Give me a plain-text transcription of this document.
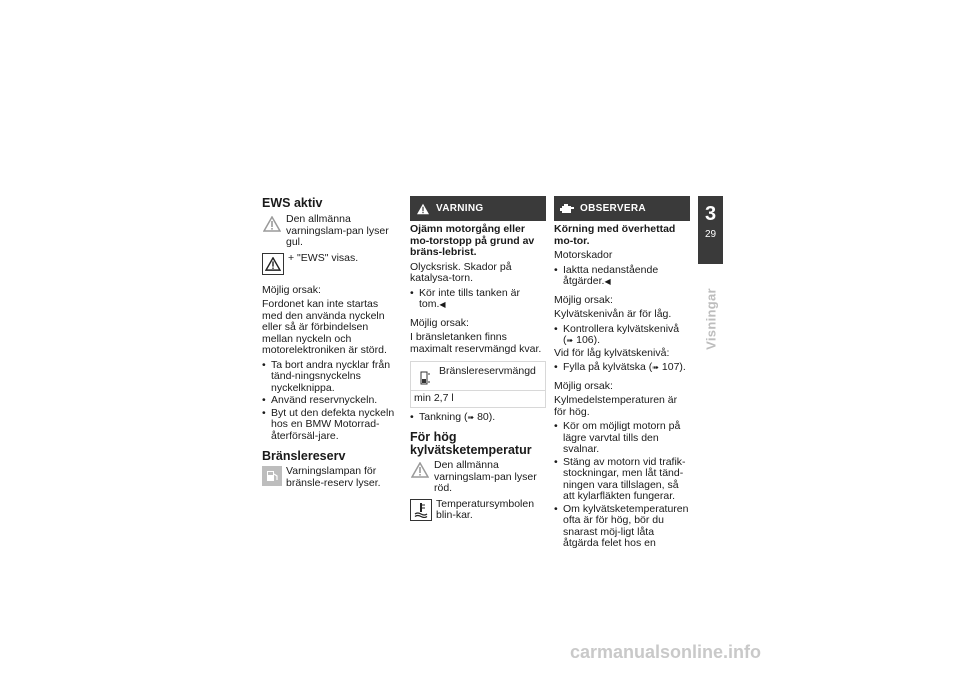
EWS aktiv
Den allmänna varningslam-pan lyser gul.
+ "EWS" visas.

Möjlig orsak:

Fordonet kan inte startas med den använda nyckeln eller så är förbindelsen mellan nyckeln och motorelektroniken är störd.

• Ta bort andra nycklar från tänd-ningsnyckelns nyckelknippa.
• Använd reservnyckeln.
• Byt ut den defekta nyckeln hos en BMW Motorrad-återförsäl-jare.
Bränslereserv
Varningslampan för bränsle-reserv lyser.
VARNING

Ojämn motorgång eller mo-torstopp på grund av bräns-lebrist.

Olycksrisk. Skador på katalysa-torn.

• Kör inte tills tanken är tom.◀

Möjlig orsak:

I bränsletanken finns maximalt reservmängd kvar.

Bränslereservmängd
min 2,7 l
• Tankning (➠ 80).
För hög kylvätsketemperatur
Den allmänna varningslam-pan lyser röd.
Temperatursymbolen blin-kar.
OBSERVERA

Körning med överhettad mo-tor.

Motorskador

• Iaktta nedanstående åtgärder.◀

Möjlig orsak:

Kylvätskenivån är för låg.

• Kontrollera kylvätskenivå
(➠ 106).

Vid för låg kylvätskenivå:

• Fylla på kylvätska (➠ 107).

Möjlig orsak:

Kylmedelstemperaturen är för hög.

• Kör om möjligt motorn på lägre varvtal tills den svalnar.
• Stäng av motorn vid trafik-stockningar, men låt tänd-ningen vara tillslagen, så att kylarfläkten fungerar.
• Om kylvätsketemperaturen ofta är för hög, bör du snarast möj-ligt låta åtgärda felet hos en
3
29
Visningar
carmanualsonline.info
